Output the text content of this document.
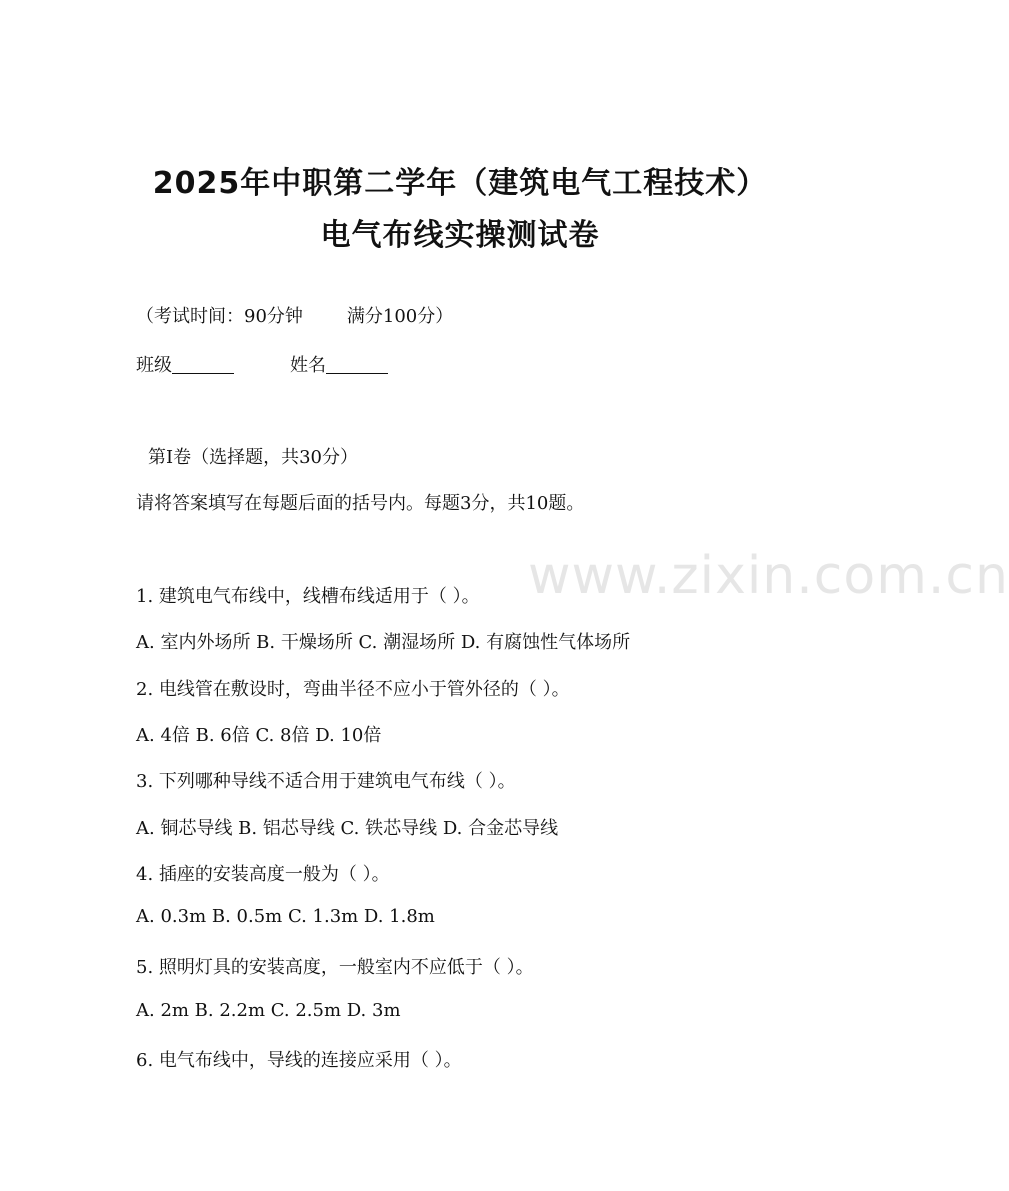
www.zixin.com.cn
2025年中职第二学年（建筑电气工程技术）
电气布线实操测试卷
（考试时间：90分钟 满分100分）
班级	姓名
第Ⅰ卷（选择题，共30分）
请将答案填写在每题后面的括号内。每题3分，共10题。
1. 建筑电气布线中，线槽布线适用于（ ）。
A. 室内外场所 B. 干燥场所 C. 潮湿场所 D. 有腐蚀性气体场所
2. 电线管在敷设时，弯曲半径不应小于管外径的（ ）。
A. 4倍 B. 6倍 C. 8倍 D. 10倍
3. 下列哪种导线不适合用于建筑电气布线（ ）。
A. 铜芯导线 B. 铝芯导线 C. 铁芯导线 D. 合金芯导线
4. 插座的安装高度一般为（ ）。
A. 0.3m B. 0.5m C. 1.3m D. 1.8m
5. 照明灯具的安装高度，一般室内不应低于（ ）。
A. 2m B. 2.2m C. 2.5m D. 3m
6. 电气布线中，导线的连接应采用（ ）。
